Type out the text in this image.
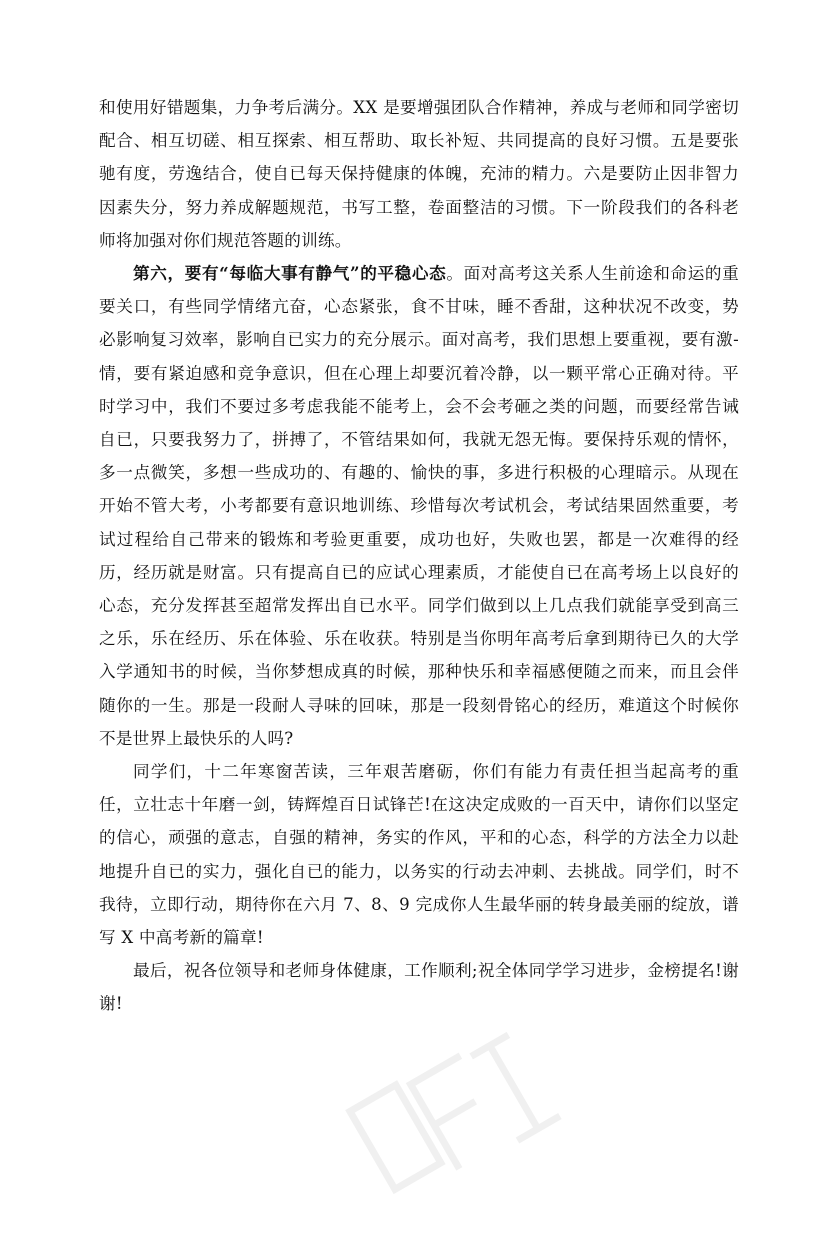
和使用好错题集，力争考后满分。XX 是要增强团队合作精神，养成与老师和同学密切配合、相互切磋、相互探索、相互帮助、取长补短、共同提高的良好习惯。五是要张驰有度，劳逸结合，使自已每天保持健康的体魄，充沛的精力。六是要防止因非智力因素失分，努力养成解题规范，书写工整，卷面整洁的习惯。下一阶段我们的各科老师将加强对你们规范答题的训练。

第六，要有“每临大事有静气”的平稳心态。面对高考这关系人生前途和命运的重要关口，有些同学情绪亢奋，心态紧张，食不甘味，睡不香甜，这种状况不改变，势必影响复习效率，影响自已实力的充分展示。面对高考，我们思想上要重视，要有激-情，要有紧迫感和竞争意识，但在心理上却要沉着冷静，以一颗平常心正确对待。平时学习中，我们不要过多考虑我能不能考上，会不会考砸之类的问题，而要经常告诫自已，只要我努力了，拼搏了，不管结果如何，我就无怨无悔。要保持乐观的情怀，多一点微笑，多想一些成功的、有趣的、愉快的事，多进行积极的心理暗示。从现在开始不管大考，小考都要有意识地训练、珍惜每次考试机会，考试结果固然重要，考试过程给自己带来的锻炼和考验更重要，成功也好，失败也罢，都是一次难得的经历，经历就是财富。只有提高自已的应试心理素质，才能使自已在高考场上以良好的心态，充分发挥甚至超常发挥出自已水平。同学们做到以上几点我们就能享受到高三之乐，乐在经历、乐在体验、乐在收获。特别是当你明年高考后拿到期待已久的大学入学通知书的时候，当你梦想成真的时候，那种快乐和幸福感便随之而来，而且会伴随你的一生。那是一段耐人寻味的回味，那是一段刻骨铭心的经历，难道这个时候你不是世界上最快乐的人吗?

同学们，十二年寒窗苦读，三年艰苦磨砺，你们有能力有责任担当起高考的重任，立壮志十年磨一剑，铸辉煌百日试锋芒!在这决定成败的一百天中，请你们以坚定的信心，顽强的意志，自强的精神，务实的作风，平和的心态，科学的方法全力以赴地提升自已的实力，强化自已的能力，以务实的行动去冲刺、去挑战。同学们，时不我待，立即行动，期待你在六月 7、8、9 完成你人生最华丽的转身最美丽的绽放，谱写 X 中高考新的篇章!

最后，祝各位领导和老师身体健康，工作顺利;祝全体同学学习进步，金榜提名!谢谢!
